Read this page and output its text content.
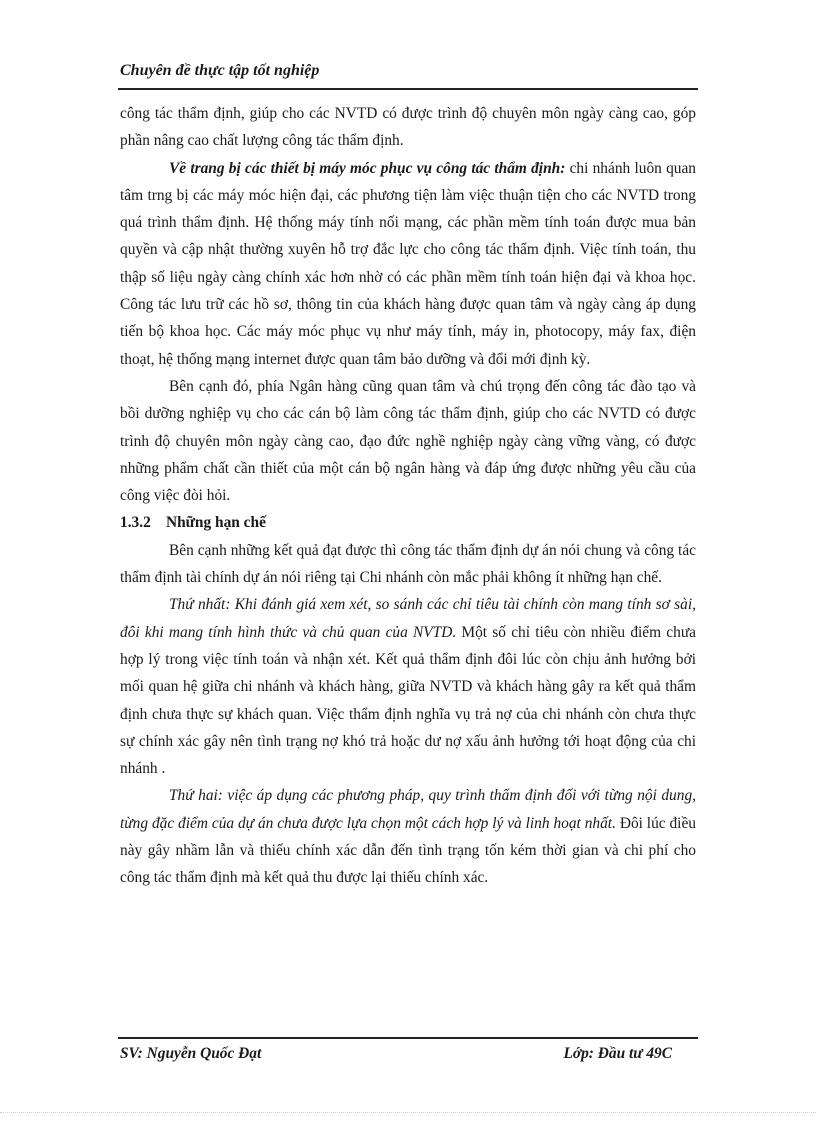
Chuyên đề thực tập tốt nghiệp

công tác thẩm định, giúp cho các NVTD có được trình độ chuyên môn ngày càng cao, góp phần nâng cao chất lượng công tác thẩm định.

Về trang bị các thiết bị máy móc phục vụ công tác thẩm định: chi nhánh luôn quan tâm trng bị các máy móc hiện đại, các phương tiện làm việc thuận tiện cho các NVTD trong quá trình thẩm định. Hệ thống máy tính nối mạng, các phần mềm tính toán được mua bản quyền và cập nhật thường xuyên hỗ trợ đắc lực cho công tác thẩm định. Việc tính toán, thu thập số liệu ngày càng chính xác hơn nhờ có các phần mềm tính toán hiện đại và khoa học. Công tác lưu trữ các hồ sơ, thông tin của khách hàng được quan tâm và ngày càng áp dụng tiến bộ khoa học. Các máy móc phục vụ như máy tính, máy in, photocopy, máy fax, điện thoạt, hệ thống mạng internet được quan tâm bảo dưỡng và đổi mới định kỳ.

Bên cạnh đó, phía Ngân hàng cũng quan tâm và chú trọng đến công tác đào tạo và bồi dưỡng nghiệp vụ cho các cán bộ làm công tác thẩm định, giúp cho các NVTD có được trình độ chuyên môn ngày càng cao, đạo đức nghề nghiệp ngày càng vững vàng, có được những phẩm chất cần thiết của một cán bộ ngân hàng và đáp ứng được những yêu cầu của công việc đòi hỏi.

1.3.2 Những hạn chế

Bên cạnh những kết quả đạt được thì công tác thẩm định dự án nói chung và công tác thẩm định tài chính dự án nói riêng tại Chi nhánh còn mắc phải không ít những hạn chế.

Thứ nhất: Khi đánh giá xem xét, so sánh các chỉ tiêu tài chính còn mang tính sơ sài, đôi khi mang tính hình thức và chủ quan của NVTD. Một số chỉ tiêu còn nhiều điểm chưa hợp lý trong việc tính toán và nhận xét. Kết quả thẩm định đôi lúc còn chịu ảnh hưởng bởi mối quan hệ giữa chi nhánh và khách hàng, giữa NVTD và khách hàng gây ra kết quả thẩm định chưa thực sự khách quan. Việc thẩm định nghĩa vụ trả nợ của chi nhánh còn chưa thực sự chính xác gây nên tình trạng nợ khó trả hoặc dư nợ xấu ảnh hưởng tới hoạt động của chi nhánh .

Thứ hai: việc áp dụng các phương pháp, quy trình thẩm định đối với từng nội dung, từng đặc điểm của dự án chưa được lựa chọn một cách hợp lý và linh hoạt nhất. Đôi lúc điều này gây nhầm lẫn và thiếu chính xác dẫn đến tình trạng tốn kém thời gian và chi phí cho công tác thẩm định mà kết quả thu được lại thiếu chính xác.

SV: Nguyễn Quốc Đạt	Lớp: Đầu tư 49C
